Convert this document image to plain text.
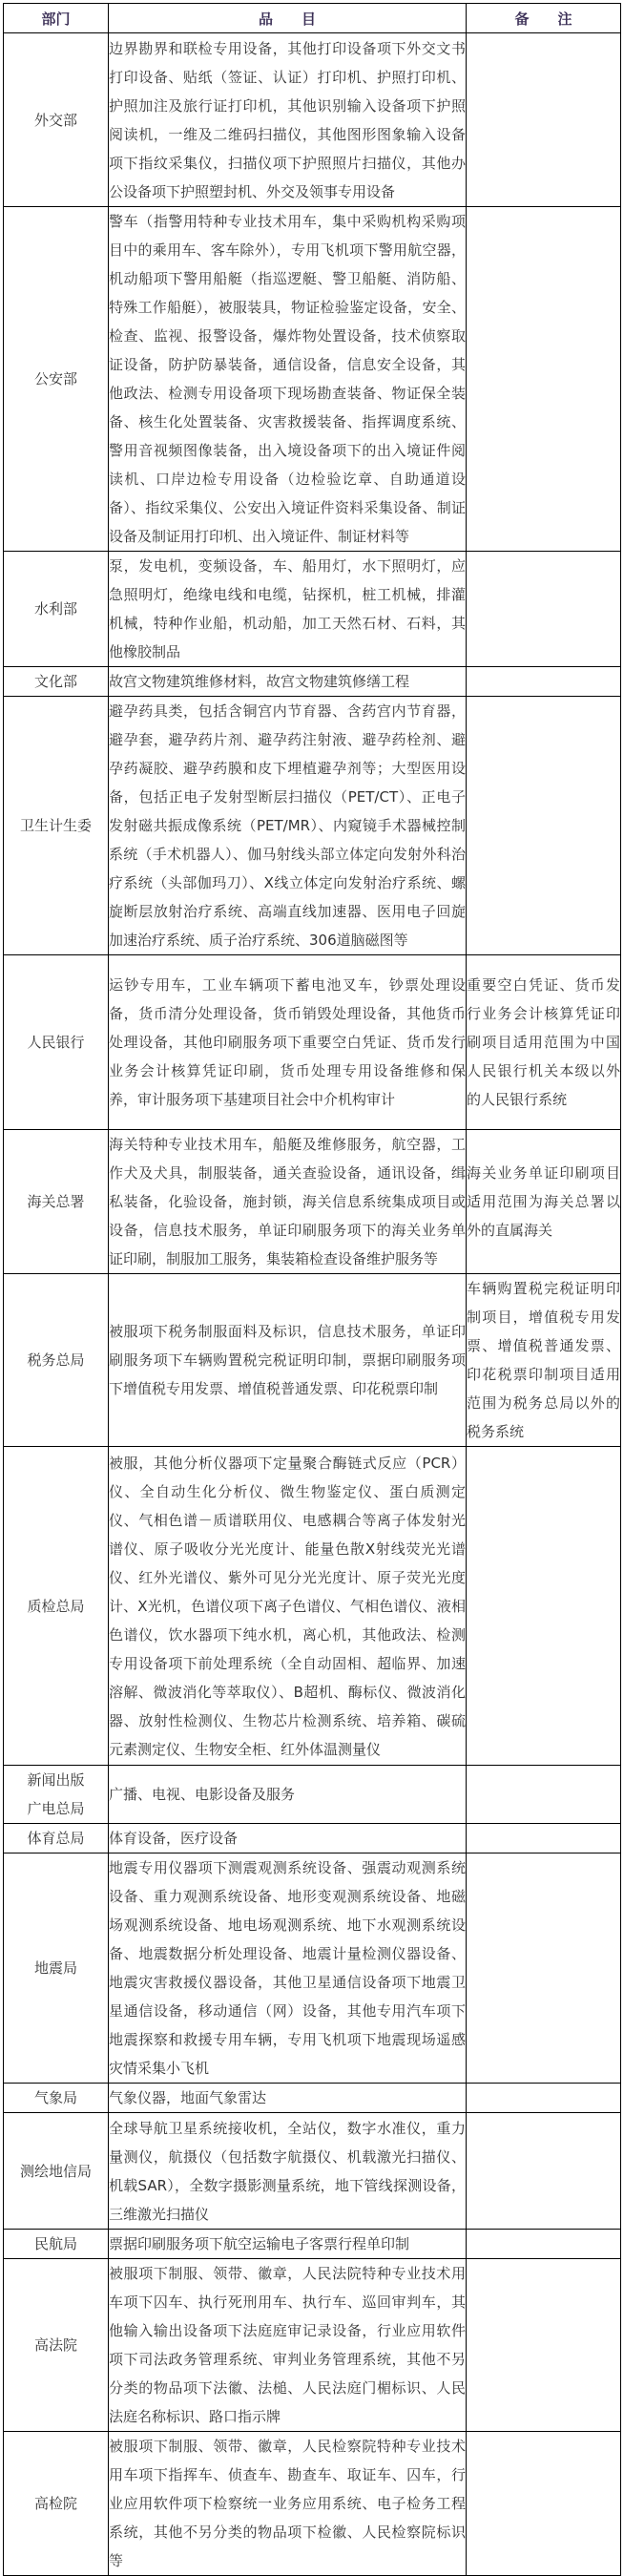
部门	品　　目	备　　注
外交部	边界勘界和联检专用设备，其他打印设备项下外交文书打印设备、贴纸（签证、认证）打印机、护照打印机、护照加注及旅行证打印机，其他识别输入设备项下护照阅读机，一维及二维码扫描仪，其他图形图象输入设备项下指纹采集仪，扫描仪项下护照照片扫描仪，其他办公设备项下护照塑封机、外交及领事专用设备	
公安部	警车（指警用特种专业技术用车，集中采购机构采购项目中的乘用车、客车除外），专用飞机项下警用航空器，机动船项下警用船艇（指巡逻艇、警卫船艇、消防船、特殊工作船艇），被服装具，物证检验鉴定设备，安全、检查、监视、报警设备，爆炸物处置设备，技术侦察取证设备，防护防暴装备，通信设备，信息安全设备，其他政法、检测专用设备项下现场勘查装备、物证保全装备、核生化处置装备、灾害救援装备、指挥调度系统、警用音视频图像装备，出入境设备项下的出入境证件阅读机、口岸边检专用设备（边检验讫章、自助通道设备）、指纹采集仪、公安出入境证件资料采集设备、制证设备及制证用打印机、出入境证件、制证材料等	
水利部	泵，发电机，变频设备，车、船用灯，水下照明灯，应急照明灯，绝缘电线和电缆，钻探机，桩工机械，排灌机械，特种作业船，机动船，加工天然石材、石料，其他橡胶制品	
文化部	故宫文物建筑维修材料，故宫文物建筑修缮工程	
卫生计生委	避孕药具类，包括含铜宫内节育器、含药宫内节育器，避孕套，避孕药片剂、避孕药注射液、避孕药栓剂、避孕药凝胶、避孕药膜和皮下埋植避孕剂等；大型医用设备，包括正电子发射型断层扫描仪（PET/CT）、正电子发射磁共振成像系统（PET/MR）、内窥镜手术器械控制系统（手术机器人）、伽马射线头部立体定向发射外科治疗系统（头部伽玛刀）、X线立体定向发射治疗系统、螺旋断层放射治疗系统、高端直线加速器、医用电子回旋加速治疗系统、质子治疗系统、306道脑磁图等	
人民银行	运钞专用车，工业车辆项下蓄电池叉车，钞票处理设备，货币清分处理设备，货币销毁处理设备，其他货币处理设备，其他印刷服务项下重要空白凭证、货币发行业务会计核算凭证印刷，货币处理专用设备维修和保养，审计服务项下基建项目社会中介机构审计	重要空白凭证、货币发行业务会计核算凭证印刷项目适用范围为中国人民银行机关本级以外的人民银行系统
海关总署	海关特种专业技术用车，船艇及维修服务，航空器，工作犬及犬具，制服装备，通关查验设备，通讯设备，缉私装备，化验设备，施封锁，海关信息系统集成项目或设备，信息技术服务，单证印刷服务项下的海关业务单证印刷，制服加工服务，集装箱检查设备维护服务等	海关业务单证印刷项目适用范围为海关总署以外的直属海关
税务总局	被服项下税务制服面料及标识，信息技术服务，单证印刷服务项下车辆购置税完税证明印制，票据印刷服务项下增值税专用发票、增值税普通发票、印花税票印制	车辆购置税完税证明印制项目，增值税专用发票、增值税普通发票、印花税票印制项目适用范围为税务总局以外的税务系统
质检总局	被服，其他分析仪器项下定量聚合酶链式反应（PCR）仪、全自动生化分析仪、微生物鉴定仪、蛋白质测定仪、气相色谱－质谱联用仪、电感耦合等离子体发射光谱仪、原子吸收分光光度计、能量色散X射线荧光光谱仪、红外光谱仪、紫外可见分光光度计、原子荧光光度计、X光机，色谱仪项下离子色谱仪、气相色谱仪、液相色谱仪，饮水器项下纯水机，离心机，其他政法、检测专用设备项下前处理系统（全自动固相、超临界、加速溶解、微波消化等萃取仪）、B超机、酶标仪、微波消化器、放射性检测仪、生物芯片检测系统、培养箱、碳硫元素测定仪、生物安全柜、红外体温测量仪	
新闻出版广电总局	广播、电视、电影设备及服务	
体育总局	体育设备，医疗设备	
地震局	地震专用仪器项下测震观测系统设备、强震动观测系统设备、重力观测系统设备、地形变观测系统设备、地磁场观测系统设备、地电场观测系统、地下水观测系统设备、地震数据分析处理设备、地震计量检测仪器设备、地震灾害救援仪器设备，其他卫星通信设备项下地震卫星通信设备，移动通信（网）设备，其他专用汽车项下地震探察和救援专用车辆，专用飞机项下地震现场遥感灾情采集小飞机	
气象局	气象仪器，地面气象雷达	
测绘地信局	全球导航卫星系统接收机，全站仪，数字水准仪，重力量测仪，航摄仪（包括数字航摄仪、机载激光扫描仪、机载SAR），全数字摄影测量系统，地下管线探测设备，三维激光扫描仪	
民航局	票据印刷服务项下航空运输电子客票行程单印制	
高法院	被服项下制服、领带、徽章，人民法院特种专业技术用车项下囚车、执行死刑用车、执行车、巡回审判车，其他输入输出设备项下法庭庭审记录设备，行业应用软件项下司法政务管理系统、审判业务管理系统，其他不另分类的物品项下法徽、法槌、人民法庭门楣标识、人民法庭名称标识、路口指示牌	
高检院	被服项下制服、领带、徽章，人民检察院特种专业技术用车项下指挥车、侦查车、勘查车、取证车、囚车，行业应用软件项下检察统一业务应用系统、电子检务工程系统，其他不另分类的物品项下检徽、人民检察院标识等	
